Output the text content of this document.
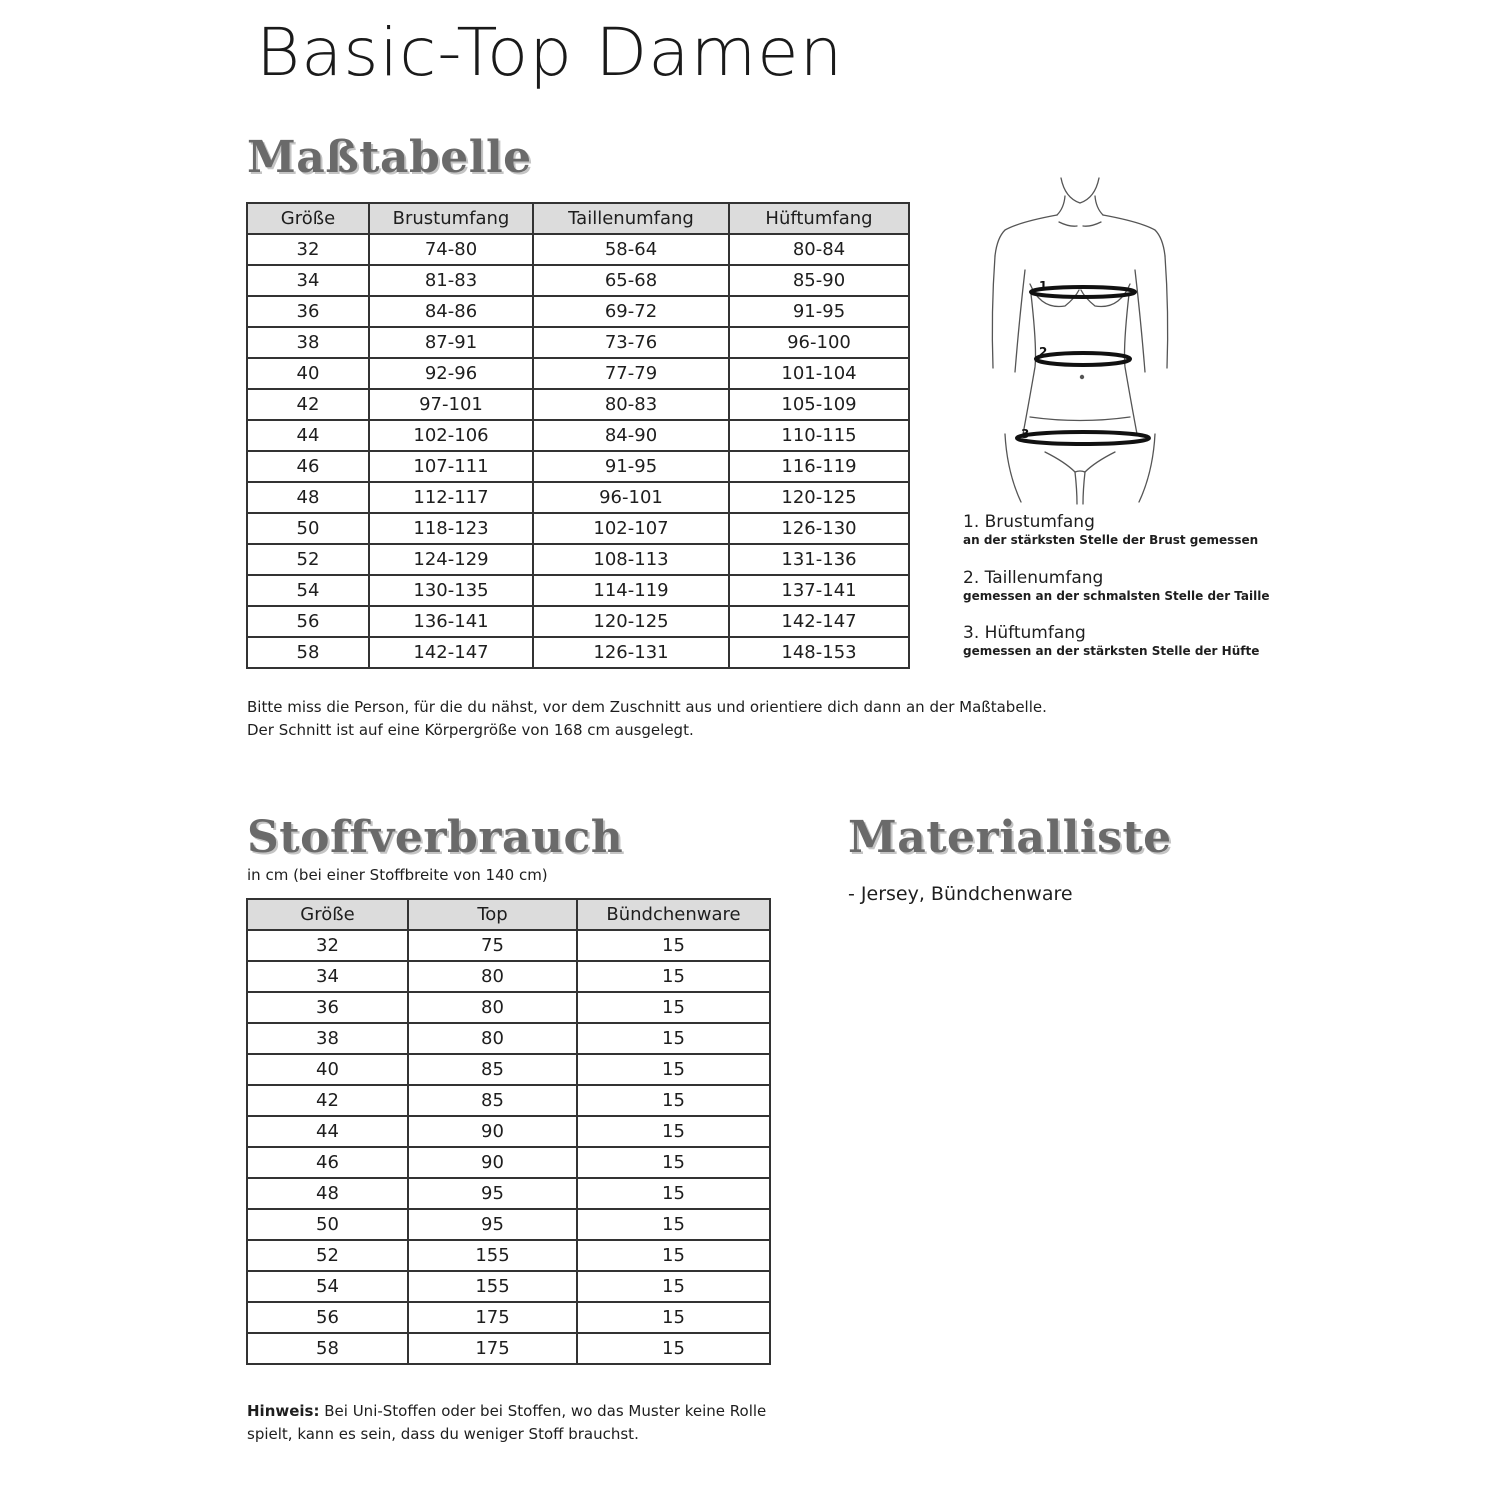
Basic-Top Damen
Maßtabelle
Größe	Brustumfang	Taillenumfang	Hüftumfang
32	74-80	58-64	80-84
34	81-83	65-68	85-90
36	84-86	69-72	91-95
38	87-91	73-76	96-100
40	92-96	77-79	101-104
42	97-101	80-83	105-109
44	102-106	84-90	110-115
46	107-111	91-95	116-119
48	112-117	96-101	120-125
50	118-123	102-107	126-130
52	124-129	108-113	131-136
54	130-135	114-119	137-141
56	136-141	120-125	142-147
58	142-147	126-131	148-153
1
2
3
1. Brustumfang
an der stärksten Stelle der Brust gemessen
2. Taillenumfang
gemessen an der schmalsten Stelle der Taille
3. Hüftumfang
gemessen an der stärksten Stelle der Hüfte
Bitte miss die Person, für die du nähst, vor dem Zuschnitt aus und orientiere dich dann an der Maßtabelle.
Der Schnitt ist auf eine Körpergröße von 168 cm ausgelegt.
Stoffverbrauch
in cm (bei einer Stoffbreite von 140 cm)
Größe	Top	Bündchenware
32	75	15
34	80	15
36	80	15
38	80	15
40	85	15
42	85	15
44	90	15
46	90	15
48	95	15
50	95	15
52	155	15
54	155	15
56	175	15
58	175	15
Hinweis: Bei Uni-Stoffen oder bei Stoffen, wo das Muster keine Rolle
spielt, kann es sein, dass du weniger Stoff brauchst.
Materialliste
- Jersey, Bündchenware
